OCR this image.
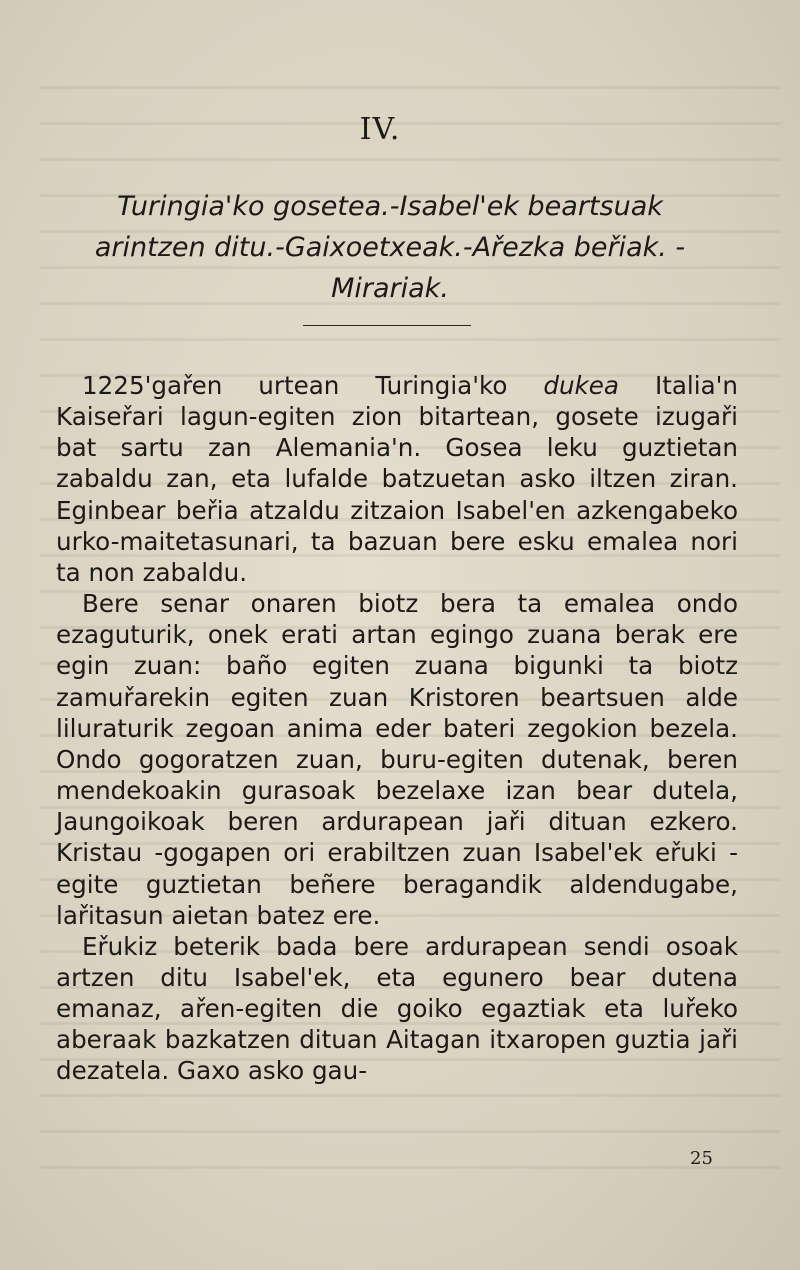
IV.
Turingia'ko gosetea.-Isabel'ek beartsuak arintzen ditu.-Gaixoetxeak.-Ařezka beřiak. - Mirariak.

1225'gařen urtean Turingia'ko dukea Italia'n Kaiseřari lagun-egiten zion bitartean, gosete izugaři bat sartu zan Alemania'n. Gosea leku guztietan zabaldu zan, eta lufalde batzuetan asko iltzen ziran. Eginbear beřia atzaldu zitzaion Isabel'en azkengabeko urko-maitetasunari, ta bazuan bere esku emalea nori ta non zabaldu.

Bere senar onaren biotz bera ta emalea ondo ezaguturik, onek erati artan egingo zuana berak ere egin zuan: baño egiten zuana bigunki ta biotz zamuřarekin egiten zuan Kristoren beartsuen alde liluraturik zegoan anima eder bateri zegokion bezela. Ondo gogoratzen zuan, buru-egiten dutenak, beren mendekoakin gurasoak bezelaxe izan bear dutela, Jaungoikoak beren ardurapean jaři dituan ezkero. Kristau -gogapen ori erabiltzen zuan Isabel'ek eřuki -egite guztietan beñere beragandik aldendugabe, lařitasun aietan batez ere.

Eřukiz beterik bada bere ardurapean sendi osoak artzen ditu Isabel'ek, eta egunero bear dutena emanaz, ařen-egiten die goiko egaztiak eta luřeko aberaak bazkatzen dituan Aitagan itxaropen guztia jaři dezatela. Gaxo asko gau-

25
